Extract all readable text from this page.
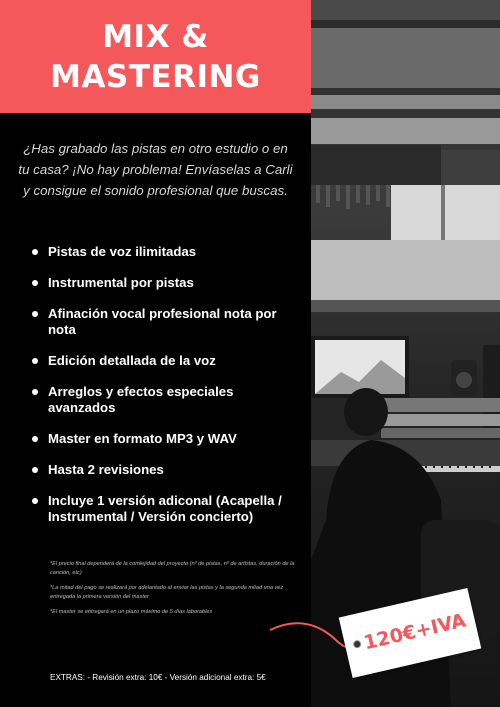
MIX &
MASTERING

¿Has grabado las pistas en otro estudio o en tu casa? ¡No hay problema! Envíaselas a Carli y consigue el sonido profesional que buscas.

Pistas de voz ilimitadas
Instrumental por pistas
Afinación vocal profesional nota por nota
Edición detallada de la voz
Arreglos y efectos especiales avanzados
Master en formato MP3 y WAV
Hasta 2 revisiones
Incluye 1 versión adiconal (Acapella / Instrumental / Versión concierto)

*El precio final dependerá de la comlejidad del proyecto (nº de pistas, nº de artistas, duración de la canción, etc)

*La mitad del pago se realizará por adelantado al enviar las pistas y la segunda mitad una vez entregada la primera versión del master

*El master se entregará en un plazo máximo de 5 días laborables

EXTRAS: - Revisión extra: 10€ - Versión adicional extra: 5€
120€+IVA
